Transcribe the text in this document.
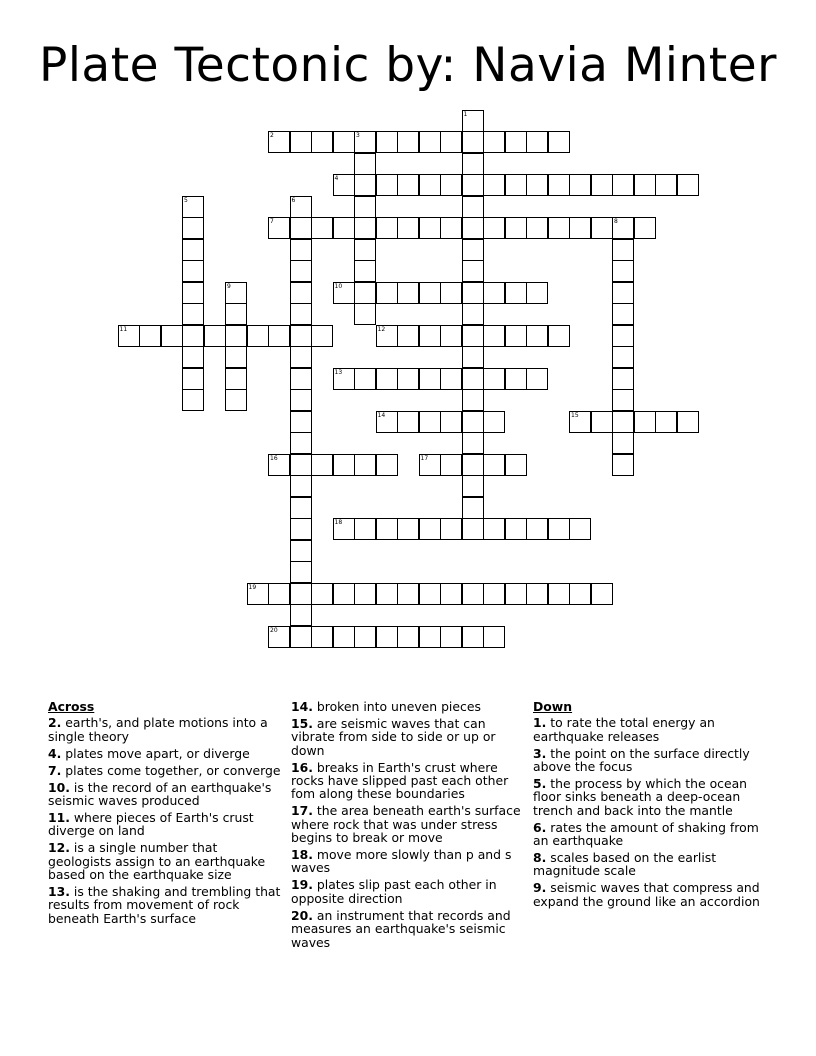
Plate Tectonic by: Navia Minter
2	3
4
7	8
10
11	12
13
14	15
16	17
18
19
20
1
5	6
9
Across
2. earth's, and plate motions into a single theory
4. plates move apart, or diverge
7. plates come together, or converge
10. is the record of an earthquake's seismic waves produced
11. where pieces of Earth's crust diverge on land
12. is a single number that geologists assign to an earthquake based on the earthquake size
13. is the shaking and trembling that results from movement of rock beneath Earth's surface
14. broken into uneven pieces
15. are seismic waves that can vibrate from side to side or up or down
16. breaks in Earth's crust where rocks have slipped past each other fom along these boundaries
17. the area beneath earth's surface where rock that was under stress begins to break or move
18. move more slowly than p and s waves
19. plates slip past each other in opposite direction
20. an instrument that records and measures an earthquake's seismic waves
Down
1. to rate the total energy an earthquake releases
3. the point on the surface directly above the focus
5. the process by which the ocean floor sinks beneath a deep-ocean trench and back into the mantle
6. rates the amount of shaking from an earthquake
8. scales based on the earlist magnitude scale
9. seismic waves that compress and expand the ground like an accordion
